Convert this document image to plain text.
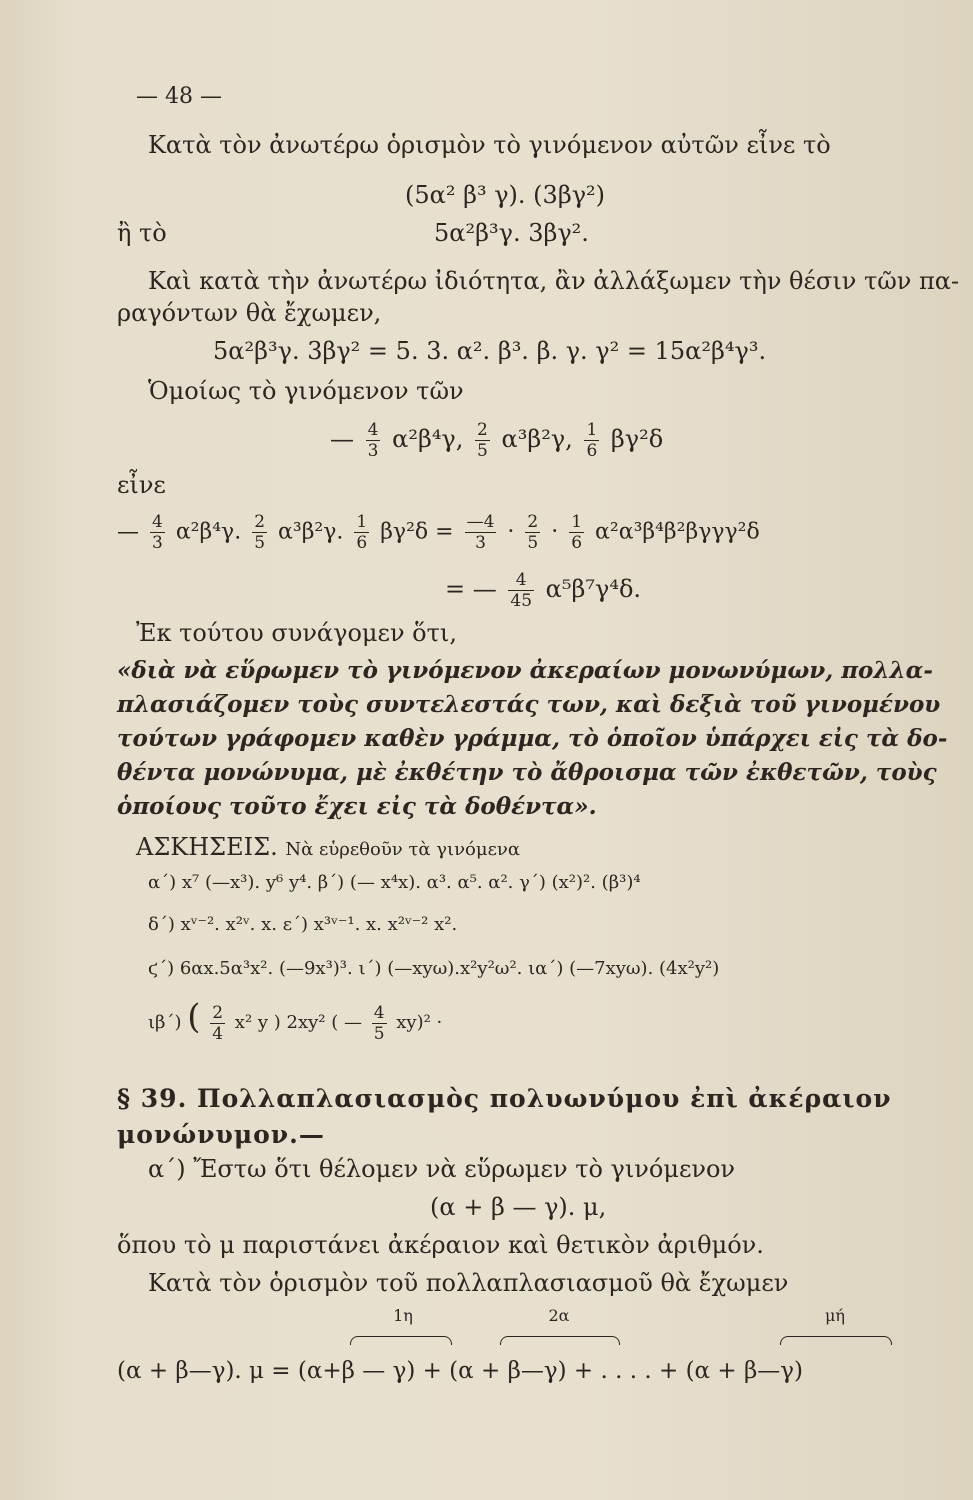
— 48 —
Κατὰ τὸν ἀνωτέρω ὁρισμὸν τὸ γινόμενον αὐτῶν εἶνε τὸ
(5α² β³ γ). (3βγ²)
ἢ τὸ	5α²β³γ. 3βγ².
Καὶ κατὰ τὴν ἀνωτέρω ἰδιότητα, ἂν ἀλλάξωμεν τὴν θέσιν τῶν πα-
ραγόντων θὰ ἔχωμεν,
5α²β³γ. 3βγ² = 5. 3. α². β³. β. γ. γ² = 15α²β⁴γ³.
Ὁμοίως τὸ γινόμενον τῶν
— $\frac{4}{3} \alpha^2\beta^4\gamma$, $\frac{2}{5} \alpha^3\beta^2\gamma$, $\frac{1}{6} \beta\gamma^2\delta$
εἶνε
— $\frac{4}{3} \alpha^2\beta^4\gamma$. $\frac{2}{5} \alpha^3\beta^2\gamma$. $\frac{1}{6} \beta\gamma^2\delta = \frac{—4}{3} \cdot \frac{2}{5} \cdot \frac{1}{6} \alpha^2\alpha^3\beta^4\beta^2\beta\gamma\gamma\gamma^2\delta$
= — $\frac{4}{45} \alpha^5\beta^7\gamma^4\delta$.
Ἐκ τούτου συνάγομεν ὅτι,
«διὰ νὰ εὕρωμεν τὸ γινόμενον ἀκεραίων μονωνύμων, πολλα-
πλασιάζομεν τοὺς συντελεστάς των, καὶ δεξιὰ τοῦ γινομένου
τούτων γράφομεν καθὲν γράμμα, τὸ ὁποῖον ὑπάρχει εἰς τὰ δο-
θέντα μονώνυμα, μὲ ἐκθέτην τὸ ἄθροισμα τῶν ἐκθετῶν, τοὺς
ὁποίους τοῦτο ἔχει εἰς τὰ δοθέντα».
ΑΣΚΗΣΕΙΣ. Νὰ εὑρεθοῦν τὰ γινόμενα
α΄) x⁷ (—x³). y⁶ y⁴. β΄) (— x⁴x). α³. α⁵. α². γ΄) (x²)². (β³)⁴
δ΄) xᵛ⁻². x²ᵛ. x. ε΄) x³ᵛ⁻¹. x. x²ᵛ⁻² x².
ϛ΄) 6αx.5α³x². (—9x³)³. ι΄) (—xyω).x²y²ω². ια΄) (—7xyω). (4x²y²)
ιβ΄) ( $\frac{2}{4} x^2$ y ) 2xy² ( — $\frac{4}{5} xy)^2$ ·
§ 39. Πολλαπλασιασμὸς πολυωνύμου ἐπὶ ἀκέραιον
μονώνυμον.—
α΄) Ἔστω ὅτι θέλομεν νὰ εὕρωμεν τὸ γινόμενον
(α + β — γ). μ,
ὅπου τὸ μ παριστάνει ἀκέραιον καὶ θετικὸν ἀριθμόν.
Κατὰ τὸν ὁρισμὸν τοῦ πολλαπλασιασμοῦ θὰ ἔχωμεν
1η	2α	μή
(α + β—γ). μ = (α+β — γ) + (α + β—γ) + . . . . + (α + β—γ)
